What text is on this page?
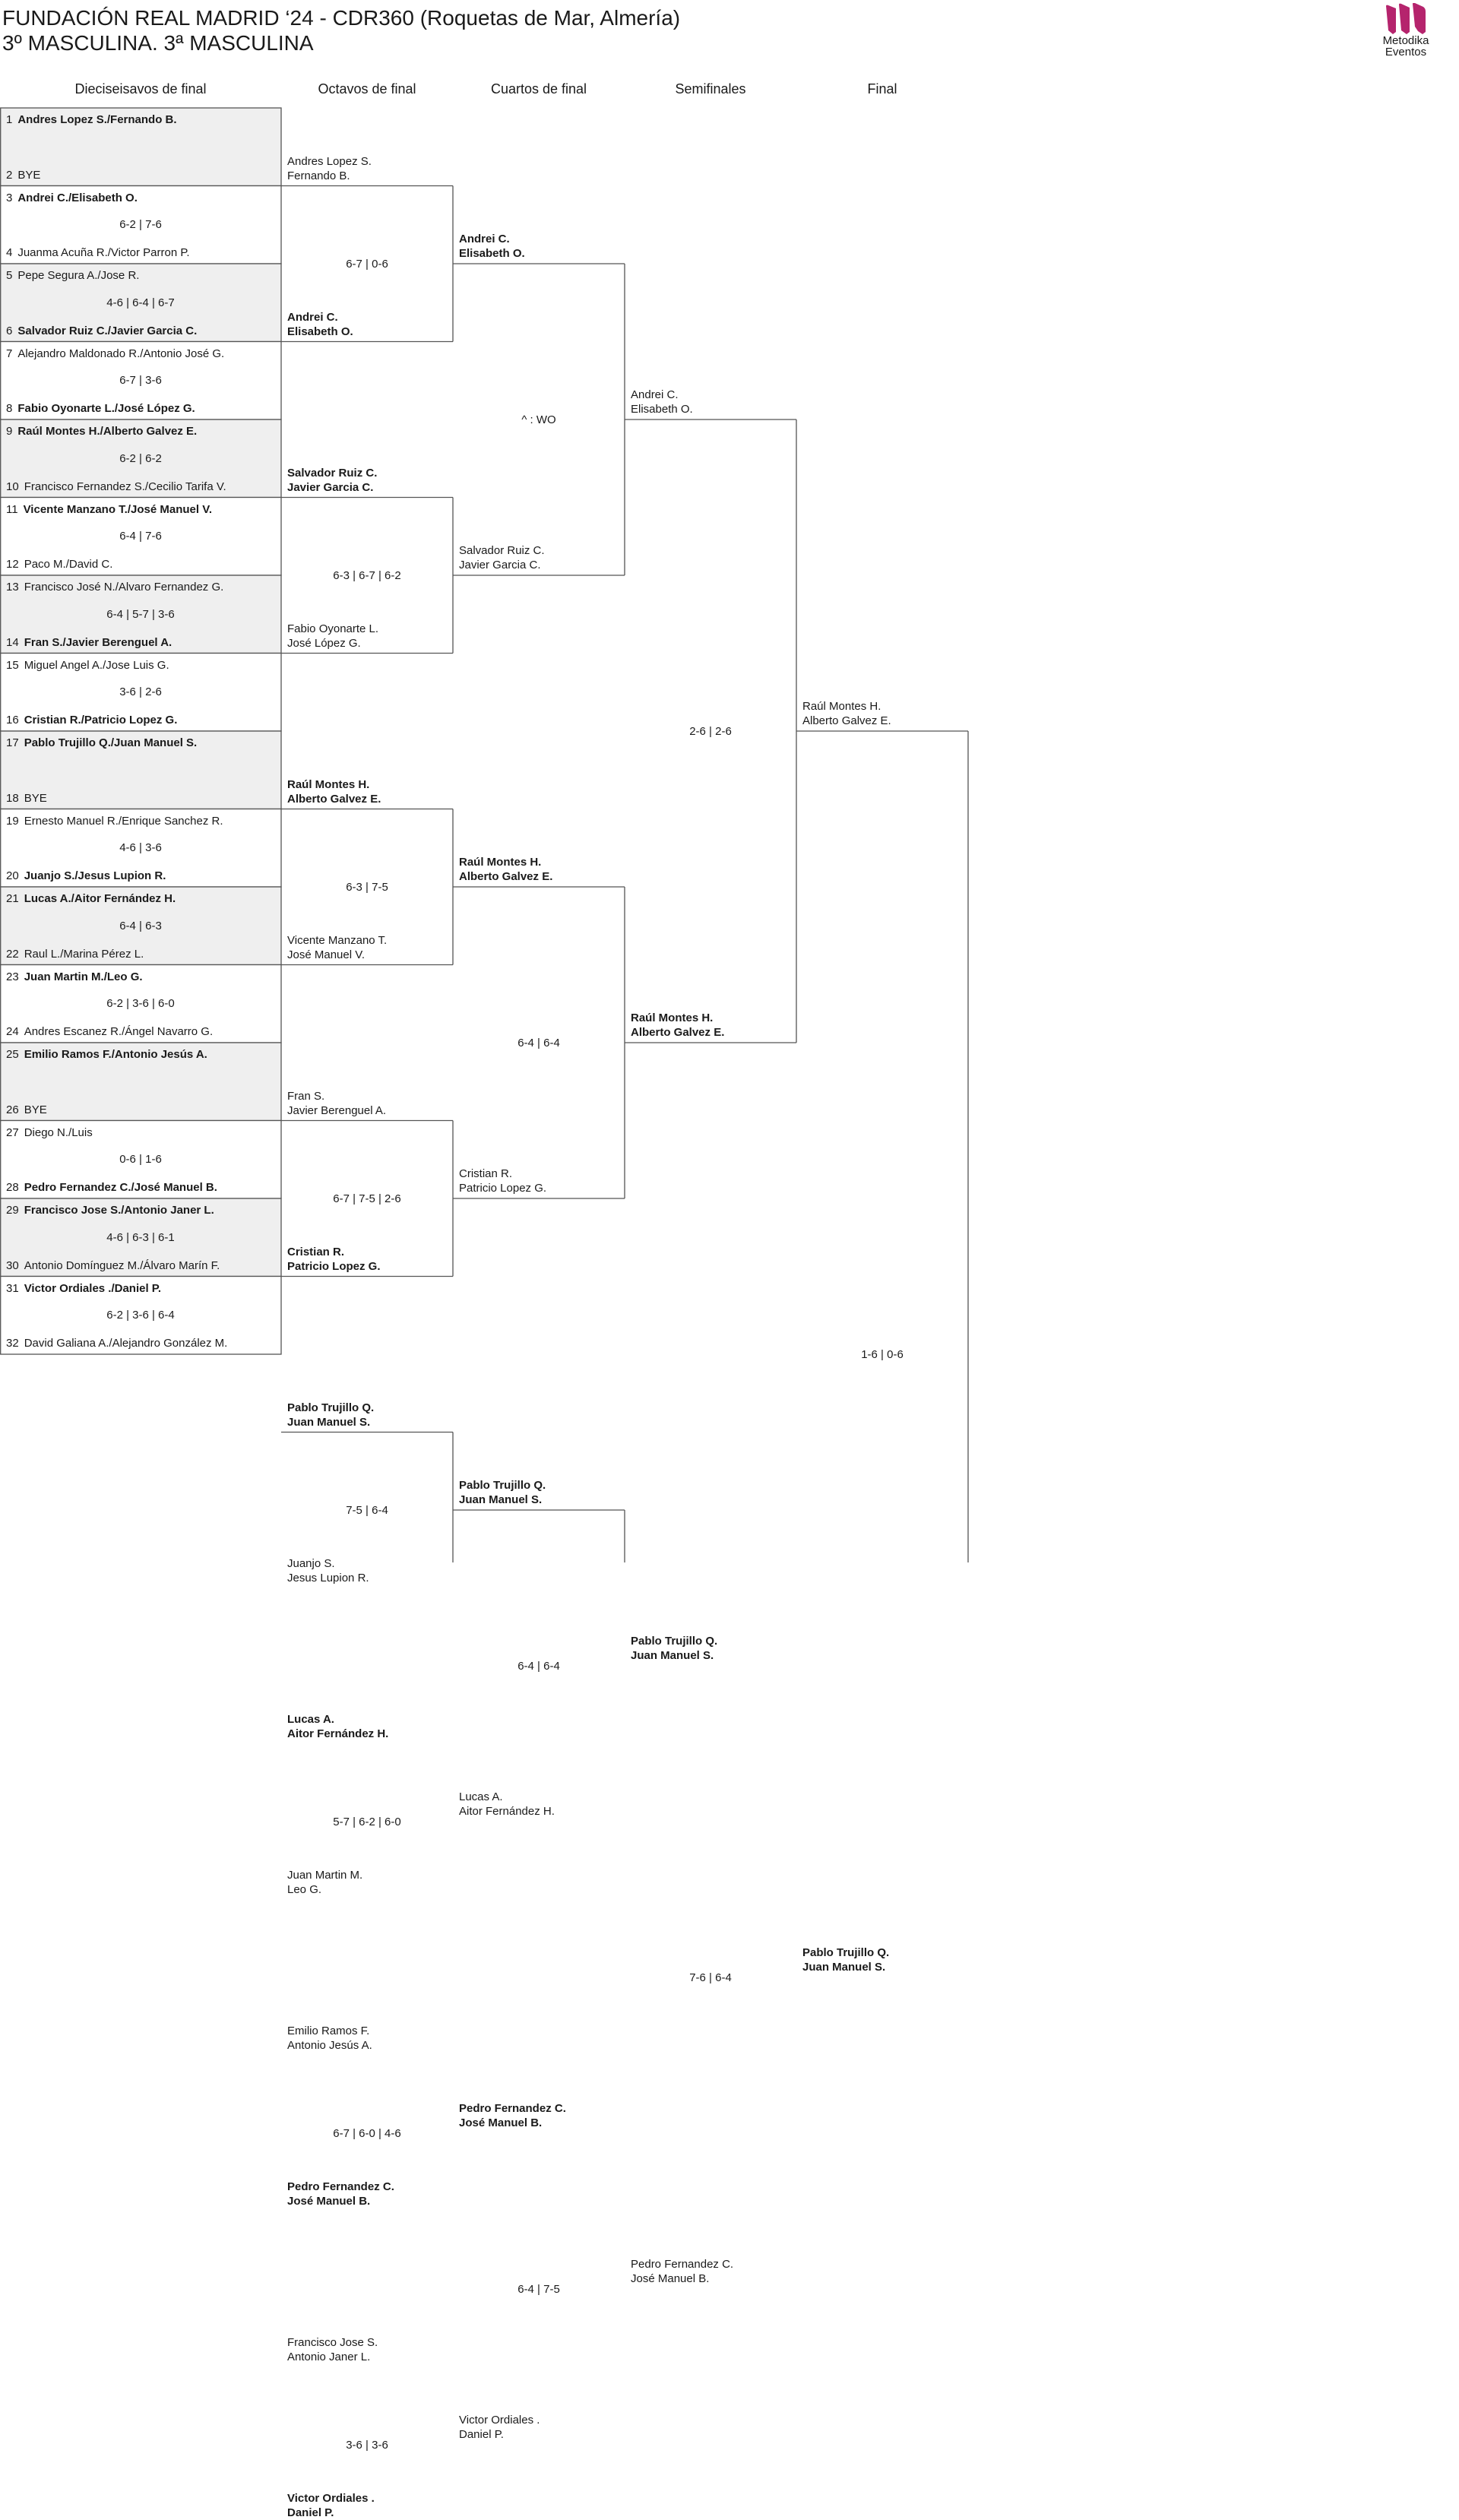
FUNDACIÓN REAL MADRID ‘24 - CDR360 (Roquetas de Mar, Almería)
3º MASCULINA. 3ª MASCULINA	Metodika
Eventos
Dieciseisavos de final	Octavos de final	Cuartos de final	Semifinales	Final
1 Andres Lopez S./Fernando B.
2 BYE
3 Andrei C./Elisabeth O.
4 Juanma Acuña R./Victor Parron P.
6-2 | 7-6
5 Pepe Segura A./Jose R.
6 Salvador Ruiz C./Javier Garcia C.
4-6 | 6-4 | 6-7
7 Alejandro Maldonado R./Antonio José G.
8 Fabio Oyonarte L./José López G.
6-7 | 3-6
9 Raúl Montes H./Alberto Galvez E.
10 Francisco Fernandez S./Cecilio Tarifa V.
6-2 | 6-2
11 Vicente Manzano T./José Manuel V.
12 Paco M./David C.
6-4 | 7-6
13 Francisco José N./Alvaro Fernandez G.
14 Fran S./Javier Berenguel A.
6-4 | 5-7 | 3-6
15 Miguel Angel A./Jose Luis G.
16 Cristian R./Patricio Lopez G.
3-6 | 2-6
17 Pablo Trujillo Q./Juan Manuel S.
18 BYE
19 Ernesto Manuel R./Enrique Sanchez R.
20 Juanjo S./Jesus Lupion R.
4-6 | 3-6
21 Lucas A./Aitor Fernández H.
22 Raul L./Marina Pérez L.
6-4 | 6-3
23 Juan Martin M./Leo G.
24 Andres Escanez R./Ángel Navarro G.
6-2 | 3-6 | 6-0
25 Emilio Ramos F./Antonio Jesús A.
26 BYE
27 Diego N./Luis
28 Pedro Fernandez C./José Manuel B.
0-6 | 1-6
29 Francisco Jose S./Antonio Janer L.
30 Antonio Domínguez M./Álvaro Marín F.
4-6 | 6-3 | 6-1
31 Victor Ordiales ./Daniel P.
32 David Galiana A./Alejandro González M.
6-2 | 3-6 | 6-4
Andres Lopez S.
Fernando B.
Andrei C.
Elisabeth O.
6-7 | 0-6
Salvador Ruiz C.
Javier Garcia C.
Fabio Oyonarte L.
José López G.
6-3 | 6-7 | 6-2
Raúl Montes H.
Alberto Galvez E.
Vicente Manzano T.
José Manuel V.
6-3 | 7-5
Fran S.
Javier Berenguel A.
Cristian R.
Patricio Lopez G.
6-7 | 7-5 | 2-6
Pablo Trujillo Q.
Juan Manuel S.
Juanjo S.
Jesus Lupion R.
7-5 | 6-4
Lucas A.
Aitor Fernández H.
Juan Martin M.
Leo G.
5-7 | 6-2 | 6-0
Emilio Ramos F.
Antonio Jesús A.
Pedro Fernandez C.
José Manuel B.
6-7 | 6-0 | 4-6
Francisco Jose S.
Antonio Janer L.
Victor Ordiales .
Daniel P.
3-6 | 3-6
Andrei C.
Elisabeth O.
Salvador Ruiz C.
Javier Garcia C.
^ : WO
Raúl Montes H.
Alberto Galvez E.
Cristian R.
Patricio Lopez G.
6-4 | 6-4
Pablo Trujillo Q.
Juan Manuel S.
Lucas A.
Aitor Fernández H.
6-4 | 6-4
Pedro Fernandez C.
José Manuel B.
Victor Ordiales .
Daniel P.
6-4 | 7-5
Andrei C.
Elisabeth O.
Raúl Montes H.
Alberto Galvez E.
2-6 | 2-6
Pablo Trujillo Q.
Juan Manuel S.
Pedro Fernandez C.
José Manuel B.
7-6 | 6-4
Raúl Montes H.
Alberto Galvez E.
Pablo Trujillo Q.
Juan Manuel S.
1-6 | 0-6
